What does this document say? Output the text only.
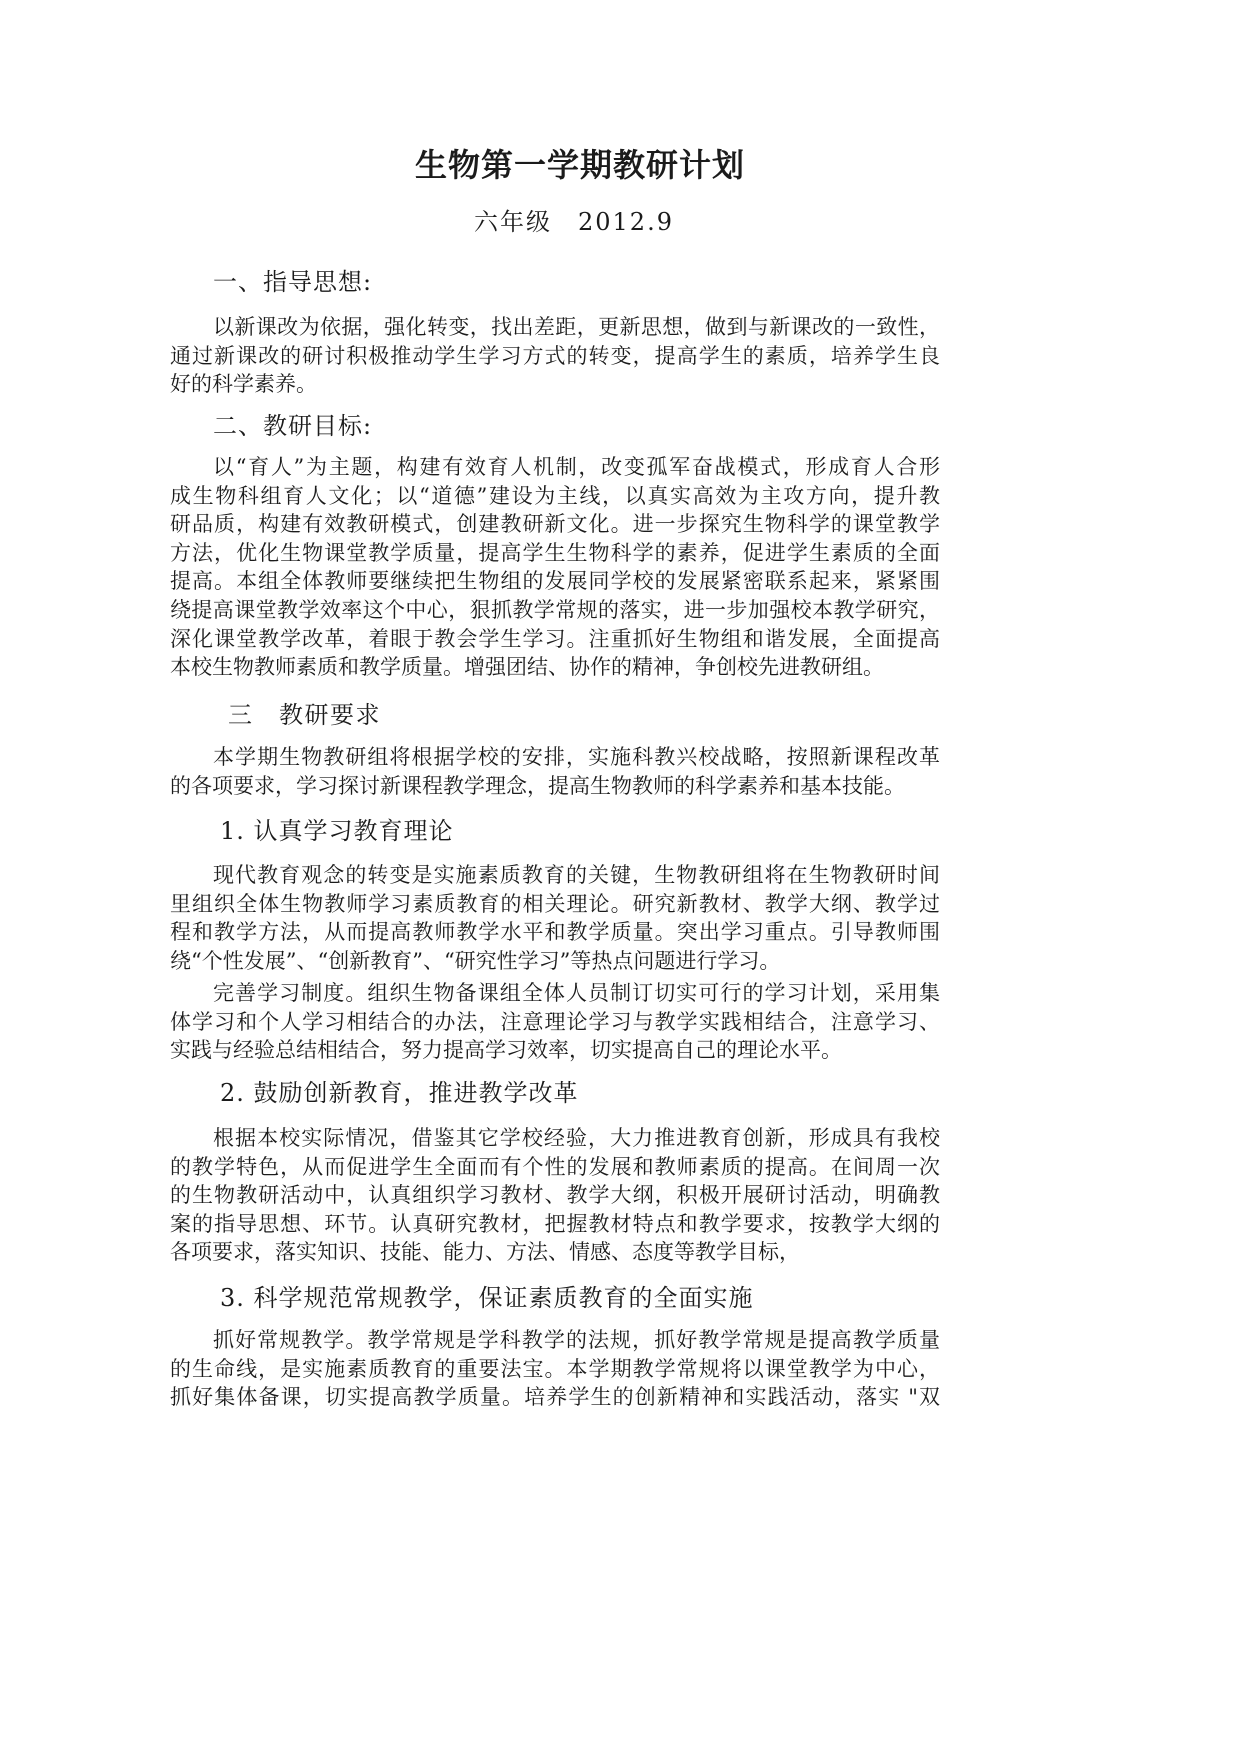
生物第一学期教研计划
六年级　2012.9
一、指导思想:
以新课改为依据，强化转变，找出差距，更新思想，做到与新课改的一致性，
通过新课改的研讨积极推动学生学习方式的转变，提高学生的素质，培养学生良
好的科学素养。
二、教研目标:
以“育人”为主题，构建有效育人机制，改变孤军奋战模式，形成育人合形
成生物科组育人文化；以“道德”建设为主线，以真实高效为主攻方向，提升教
研品质，构建有效教研模式，创建教研新文化。进一步探究生物科学的课堂教学
方法，优化生物课堂教学质量，提高学生生物科学的素养，促进学生素质的全面
提高。本组全体教师要继续把生物组的发展同学校的发展紧密联系起来，紧紧围
绕提高课堂教学效率这个中心，狠抓教学常规的落实，进一步加强校本教学研究，
深化课堂教学改革，着眼于教会学生学习。注重抓好生物组和谐发展，全面提高
本校生物教师素质和教学质量。增强团结、协作的精神，争创校先进教研组。
三　教研要求
本学期生物教研组将根据学校的安排，实施科教兴校战略，按照新课程改革
的各项要求，学习探讨新课程教学理念，提高生物教师的科学素养和基本技能。
1. 认真学习教育理论
现代教育观念的转变是实施素质教育的关键，生物教研组将在生物教研时间
里组织全体生物教师学习素质教育的相关理论。研究新教材、教学大纲、教学过
程和教学方法，从而提高教师教学水平和教学质量。突出学习重点。引导教师围
绕“个性发展”、“创新教育”、“研究性学习”等热点问题进行学习。
完善学习制度。组织生物备课组全体人员制订切实可行的学习计划，采用集
体学习和个人学习相结合的办法，注意理论学习与教学实践相结合，注意学习、
实践与经验总结相结合，努力提高学习效率，切实提高自己的理论水平。
2. 鼓励创新教育，推进教学改革
根据本校实际情况，借鉴其它学校经验，大力推进教育创新，形成具有我校
的教学特色，从而促进学生全面而有个性的发展和教师素质的提高。在间周一次
的生物教研活动中，认真组织学习教材、教学大纲，积极开展研讨活动，明确教
案的指导思想、环节。认真研究教材，把握教材特点和教学要求，按教学大纲的
各项要求，落实知识、技能、能力、方法、情感、态度等教学目标，
3. 科学规范常规教学，保证素质教育的全面实施
抓好常规教学。教学常规是学科教学的法规，抓好教学常规是提高教学质量
的生命线，是实施素质教育的重要法宝。本学期教学常规将以课堂教学为中心，
抓好集体备课，切实提高教学质量。培养学生的创新精神和实践活动，落实 "双
